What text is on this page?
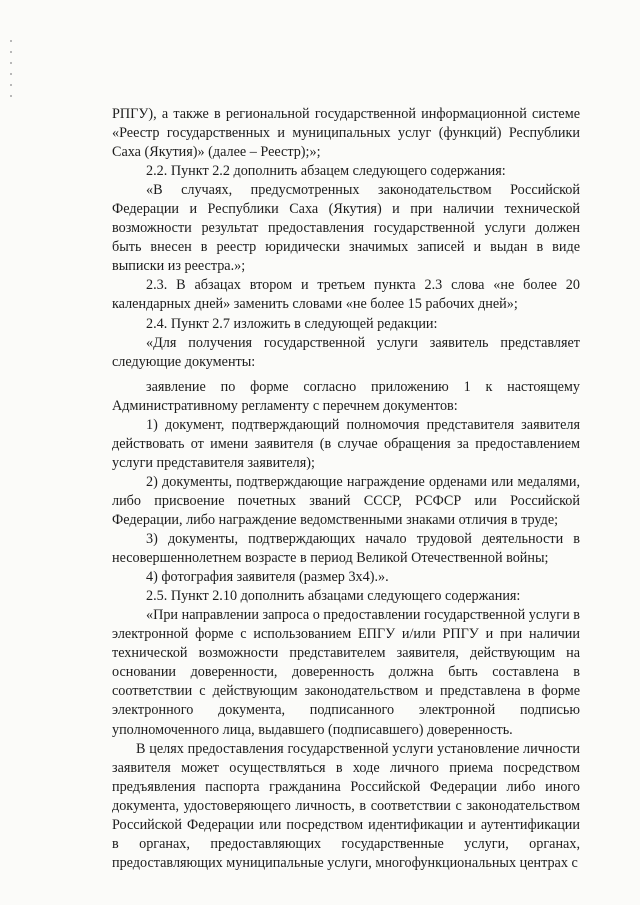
РПГУ), а также в региональной государственной информационной системе «Реестр государственных и муниципальных услуг (функций) Республики Саха (Якутия)» (далее – Реестр);»;

2.2. Пункт 2.2 дополнить абзацем следующего содержания:

«В случаях, предусмотренных законодательством Российской Федерации и Республики Саха (Якутия) и при наличии технической возможности результат предоставления государственной услуги должен быть внесен в реестр юридически значимых записей и выдан в виде выписки из реестра.»;

2.3. В абзацах втором и третьем пункта 2.3 слова «не более 20 календарных дней» заменить словами «не более 15 рабочих дней»;

2.4. Пункт 2.7 изложить в следующей редакции:

«Для получения государственной услуги заявитель представляет следующие документы:

заявление по форме согласно приложению 1 к настоящему Административному регламенту с перечнем документов:

1) документ, подтверждающий полномочия представителя заявителя действовать от имени заявителя (в случае обращения за предоставлением услуги представителя заявителя);

2) документы, подтверждающие награждение орденами или медалями, либо присвоение почетных званий СССР, РСФСР или Российской Федерации, либо награждение ведомственными знаками отличия в труде;

3) документы, подтверждающих начало трудовой деятельности в несовершеннолетнем возрасте в период Великой Отечественной войны;

4) фотография заявителя (размер 3х4).».

2.5. Пункт 2.10 дополнить абзацами следующего содержания:

«При направлении запроса о предоставлении государственной услуги в электронной форме с использованием ЕПГУ и/или РПГУ и при наличии технической возможности представителем заявителя, действующим на основании доверенности, доверенность должна быть составлена в соответствии с действующим законодательством и представлена в форме электронного документа, подписанного электронной подписью уполномоченного лица, выдавшего (подписавшего) доверенность.

В целях предоставления государственной услуги установление личности заявителя может осуществляться в ходе личного приема посредством предъявления паспорта гражданина Российской Федерации либо иного документа, удостоверяющего личность, в соответствии с законодательством Российской Федерации или посредством идентификации и аутентификации в органах, предоставляющих государственные услуги, органах, предоставляющих муниципальные услуги, многофункциональных центрах с
